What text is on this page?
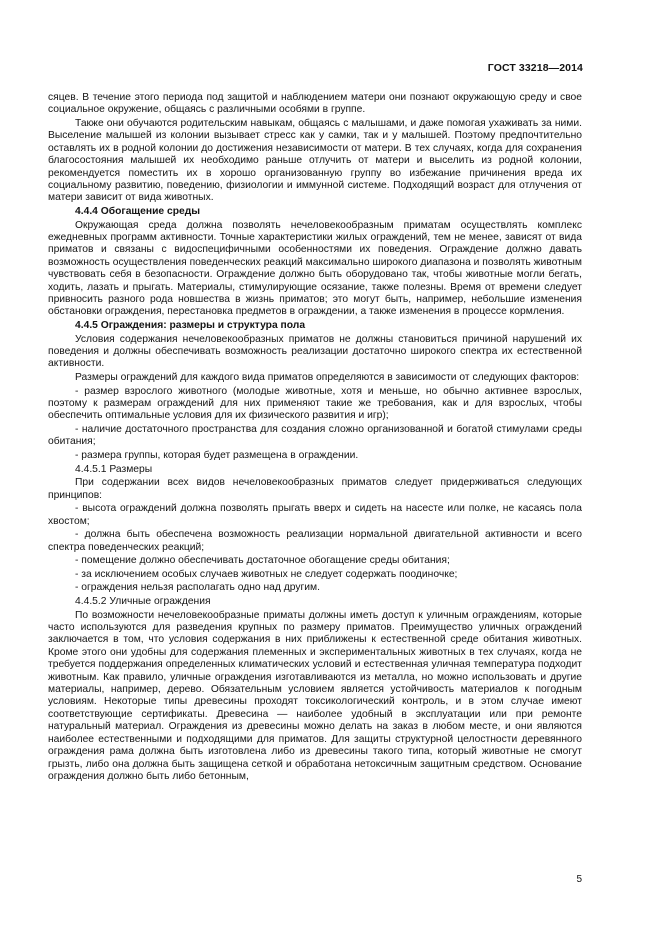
ГОСТ 33218—2014

сяцев. В течение этого периода под защитой и наблюдением матери они познают окружающую среду и свое социальное окружение, общаясь с различными особями в группе.

Также они обучаются родительским навыкам, общаясь с малышами, и даже помогая ухаживать за ними. Выселение малышей из колонии вызывает стресс как у самки, так и у малышей. Поэтому предпочтительно оставлять их в родной колонии до достижения независимости от матери. В тех случаях, когда для сохранения благосостояния малышей их необходимо раньше отлучить от матери и выселить из родной колонии, рекомендуется поместить их в хорошо организованную группу во избежание причинения вреда их социальному развитию, поведению, физиологии и иммунной системе. Подходящий возраст для отлучения от матери зависит от вида животных.

4.4.4 Обогащение среды

Окружающая среда должна позволять нечеловекообразным приматам осуществлять комплекс ежедневных программ активности. Точные характеристики жилых ограждений, тем не менее, зависят от вида приматов и связаны с видоспецифичными особенностями их поведения. Ограждение должно давать возможность осуществления поведенческих реакций максимально широкого диапазона и позволять животным чувствовать себя в безопасности. Ограждение должно быть оборудовано так, чтобы животные могли бегать, ходить, лазать и прыгать. Материалы, стимулирующие осязание, также полезны. Время от времени следует привносить разного рода новшества в жизнь приматов; это могут быть, например, небольшие изменения обстановки ограждения, перестановка предметов в ограждении, а также изменения в процессе кормления.

4.4.5 Ограждения: размеры и структура пола

Условия содержания нечеловекообразных приматов не должны становиться причиной нарушений их поведения и должны обеспечивать возможность реализации достаточно широкого спектра их естественной активности.

Размеры ограждений для каждого вида приматов определяются в зависимости от следующих факторов:

- размер взрослого животного (молодые животные, хотя и меньше, но обычно активнее взрослых, поэтому к размерам ограждений для них применяют такие же требования, как и для взрослых, чтобы обеспечить оптимальные условия для их физического развития и игр);

- наличие достаточного пространства для создания сложно организованной и богатой стимулами среды обитания;

- размера группы, которая будет размещена в ограждении.

4.4.5.1 Размеры

При содержании всех видов нечеловекообразных приматов следует придерживаться следующих принципов:

- высота ограждений должна позволять прыгать вверх и сидеть на насесте или полке, не касаясь пола хвостом;

- должна быть обеспечена возможность реализации нормальной двигательной активности и всего спектра поведенческих реакций;

- помещение должно обеспечивать достаточное обогащение среды обитания;

- за исключением особых случаев животных не следует содержать поодиночке;

- ограждения нельзя располагать одно над другим.

4.4.5.2 Уличные ограждения

По возможности нечеловекообразные приматы должны иметь доступ к уличным ограждениям, которые часто используются для разведения крупных по размеру приматов. Преимущество уличных ограждений заключается в том, что условия содержания в них приближены к естественной среде обитания животных. Кроме этого они удобны для содержания племенных и экспериментальных животных в тех случаях, когда не требуется поддержания определенных климатических условий и естественная уличная температура подходит животным. Как правило, уличные ограждения изготавливаются из металла, но можно использовать и другие материалы, например, дерево. Обязательным условием является устойчивость материалов к погодным условиям. Некоторые типы древесины проходят токсикологический контроль, и в этом случае имеют соответствующие сертификаты. Древесина — наиболее удобный в эксплуатации или при ремонте натуральный материал. Ограждения из древесины можно делать на заказ в любом месте, и они являются наиболее естественными и подходящими для приматов. Для защиты структурной целостности деревянного ограждения рама должна быть изготовлена либо из древесины такого типа, который животные не смогут грызть, либо она должна быть защищена сеткой и обработана нетоксичным защитным средством. Основание ограждения должно быть либо бетонным,

5
